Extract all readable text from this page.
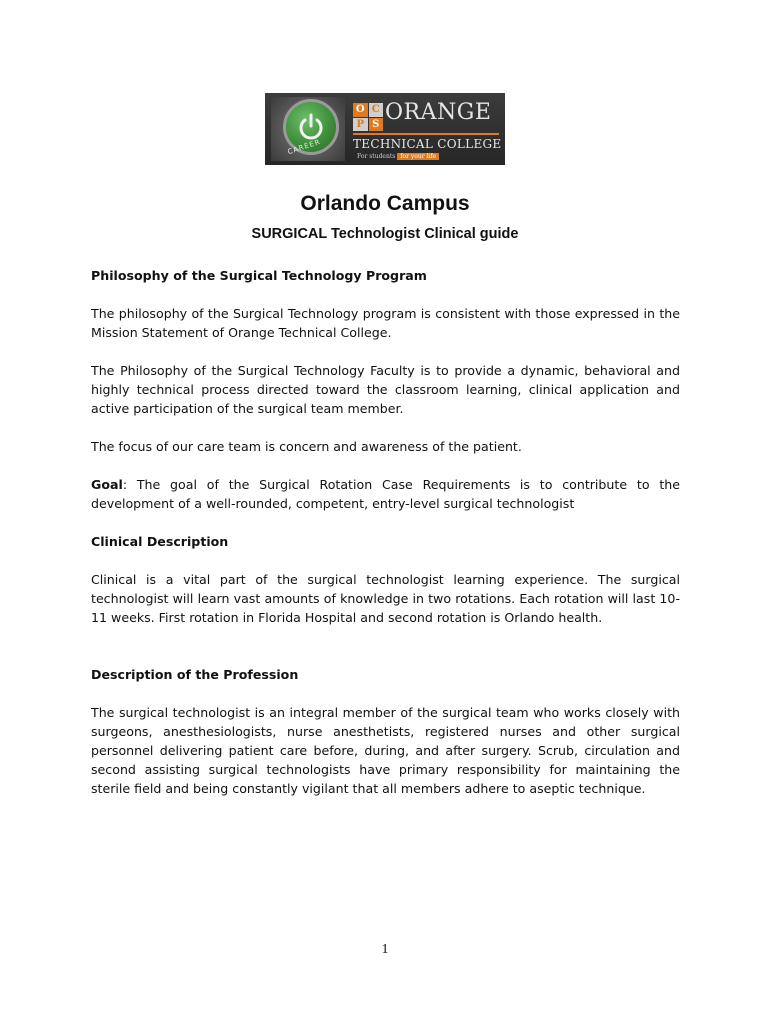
CAREER
O C
P S ORANGE
TECHNICAL COLLEGE
For students for your life
Orlando Campus
SURGICAL Technologist Clinical guide

Philosophy of the Surgical Technology Program

The philosophy of the Surgical Technology program is consistent with those expressed in the Mission Statement of Orange Technical College.

The Philosophy of the Surgical Technology Faculty is to provide a dynamic, behavioral and highly technical process directed toward the classroom learning, clinical application and active participation of the surgical team member.

The focus of our care team is concern and awareness of the patient.

Goal: The goal of the Surgical Rotation Case Requirements is to contribute to the development of a well-rounded, competent, entry-level surgical technologist

Clinical Description

Clinical is a vital part of the surgical technologist learning experience. The surgical technologist will learn vast amounts of knowledge in two rotations. Each rotation will last 10-11 weeks. First rotation in Florida Hospital and second rotation is Orlando health.

Description of the Profession

The surgical technologist is an integral member of the surgical team who works closely with surgeons, anesthesiologists, nurse anesthetists, registered nurses and other surgical personnel delivering patient care before, during, and after surgery. Scrub, circulation and second assisting surgical technologists have primary responsibility for maintaining the sterile field and being constantly vigilant that all members adhere to aseptic technique.

1
